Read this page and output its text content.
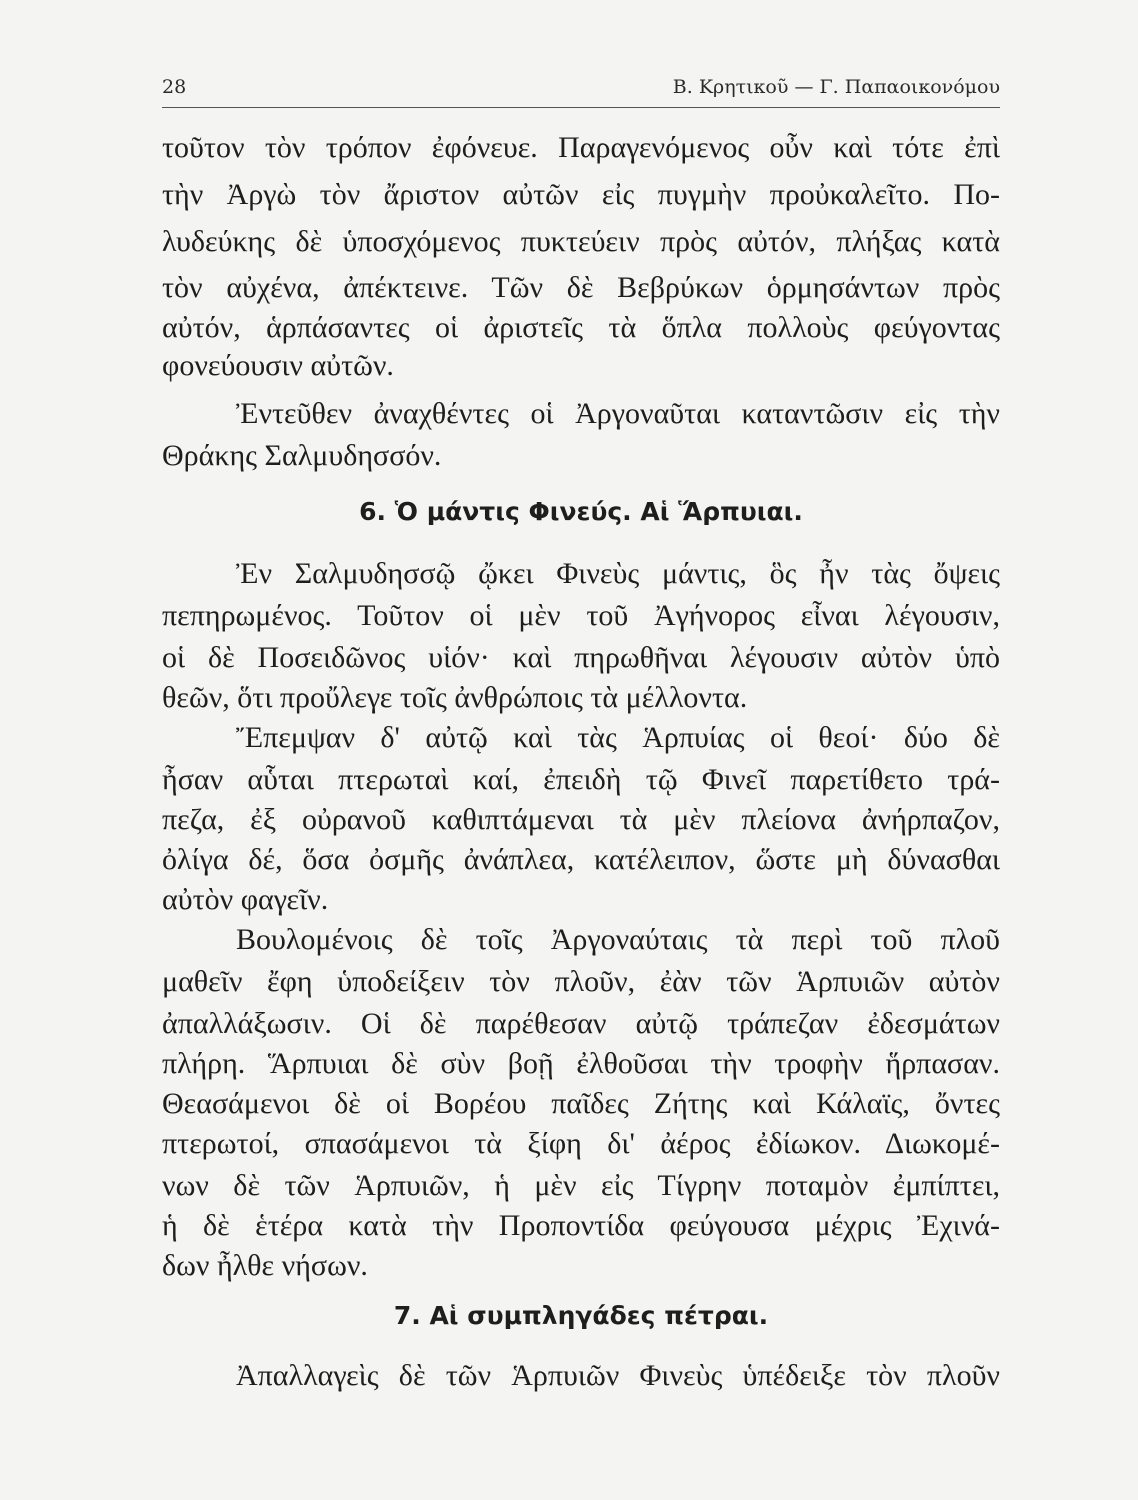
28	Β. Κρητικοῦ — Γ. Παπαοικονόμου
τοῦτον τὸν τρόπον ἐφόνευε. Παραγενόμενος οὖν καὶ τότε ἐπὶ
τὴν Ἀργὼ τὸν ἄριστον αὐτῶν εἰς πυγμὴν προὐκαλεῖτο. Πο-
λυδεύκης δὲ ὑποσχόμενος πυκτεύειν πρὸς αὐτόν, πλήξας κατὰ
τὸν αὐχένα, ἀπέκτεινε. Τῶν δὲ Βεβρύκων ὁρμησάντων πρὸς
αὐτόν, ἁρπάσαντες οἱ ἀριστεῖς τὰ ὅπλα πολλοὺς φεύγοντας
φονεύουσιν αὐτῶν.
Ἐντεῦθεν ἀναχθέντες οἱ Ἀργοναῦται καταντῶσιν εἰς τὴν
Θράκης Σαλμυδησσόν.
6. Ὁ μάντις Φινεύς. Αἱ Ἅρπυιαι.
Ἐν Σαλμυδησσῷ ᾤκει Φινεὺς μάντις, ὃς ἦν τὰς ὄψεις
πεπηρωμένος. Τοῦτον οἱ μὲν τοῦ Ἀγήνορος εἶναι λέγουσιν,
οἱ δὲ Ποσειδῶνος υἱόν· καὶ πηρωθῆναι λέγουσιν αὐτὸν ὑπὸ
θεῶν, ὅτι προὔλεγε τοῖς ἀνθρώποις τὰ μέλλοντα.
Ἔπεμψαν δ' αὐτῷ καὶ τὰς Ἁρπυίας οἱ θεοί· δύο δὲ
ἦσαν αὗται πτερωταὶ καί, ἐπειδὴ τῷ Φινεῖ παρετίθετο τρά-
πεζα, ἐξ οὐρανοῦ καθιπτάμεναι τὰ μὲν πλείονα ἀνήρπαζον,
ὀλίγα δέ, ὅσα ὀσμῆς ἀνάπλεα, κατέλειπον, ὥστε μὴ δύνασθαι
αὐτὸν φαγεῖν.
Βουλομένοις δὲ τοῖς Ἀργοναύταις τὰ περὶ τοῦ πλοῦ
μαθεῖν ἔφη ὑποδείξειν τὸν πλοῦν, ἐὰν τῶν Ἁρπυιῶν αὐτὸν
ἀπαλλάξωσιν. Οἱ δὲ παρέθεσαν αὐτῷ τράπεζαν ἐδεσμάτων
πλήρη. Ἅρπυιαι δὲ σὺν βοῇ ἐλθοῦσαι τὴν τροφὴν ἥρπασαν.
Θεασάμενοι δὲ οἱ Βορέου παῖδες Ζήτης καὶ Κάλαϊς, ὄντες
πτερωτοί, σπασάμενοι τὰ ξίφη δι' ἀέρος ἐδίωκον. Διωκομέ-
νων δὲ τῶν Ἁρπυιῶν, ἡ μὲν εἰς Τίγρην ποταμὸν ἐμπίπτει,
ἡ δὲ ἑτέρα κατὰ τὴν Προποντίδα φεύγουσα μέχρις Ἐχινά-
δων ἦλθε νήσων.
7. Αἱ συμπληγάδες πέτραι.
Ἀπαλλαγεὶς δὲ τῶν Ἁρπυιῶν Φινεὺς ὑπέδειξε τὸν πλοῦν
